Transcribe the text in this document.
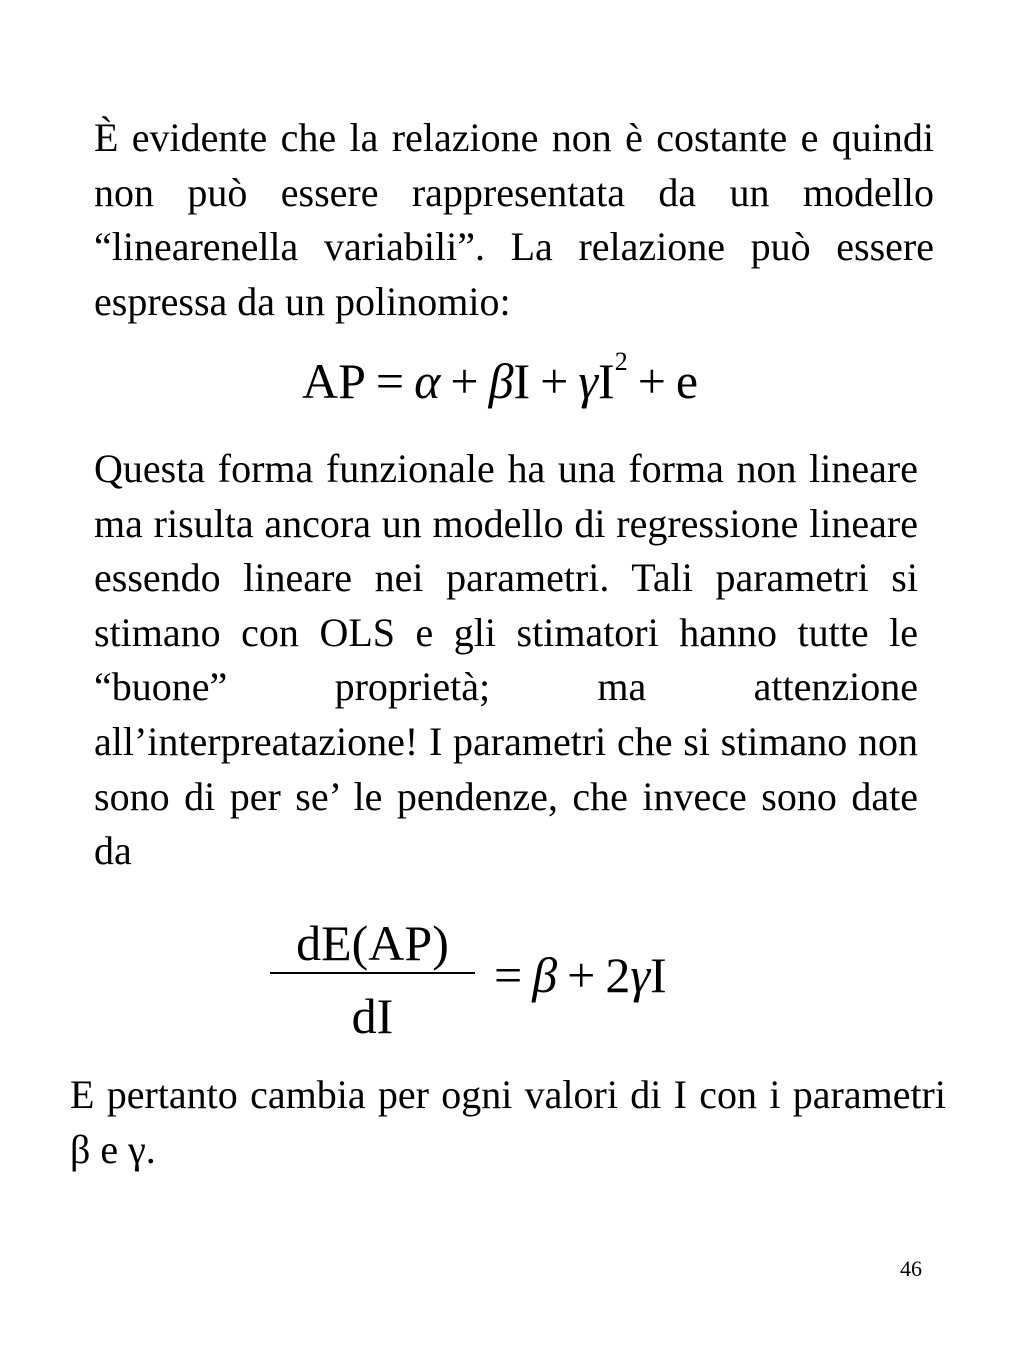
È evidente che la relazione non è costante e quindi non può essere rappresentata da un modello “linearenella variabili”. La relazione può essere espressa da un polinomio:

AP = $\alpha + \beta I + \gamma I^2 + e$

Questa forma funzionale ha una forma non lineare ma risulta ancora un modello di regressione lineare essendo lineare nei parametri. Tali parametri si stimano con OLS e gli stimatori hanno tutte le “buone” proprietà; ma attenzione all’interpreatazione! I parametri che si stimano non sono di per se’ le pendenze, che invece sono date da

dE(AP)
dI
= β + 2γI

E pertanto cambia per ogni valori di I con i parametri β e γ.

46
